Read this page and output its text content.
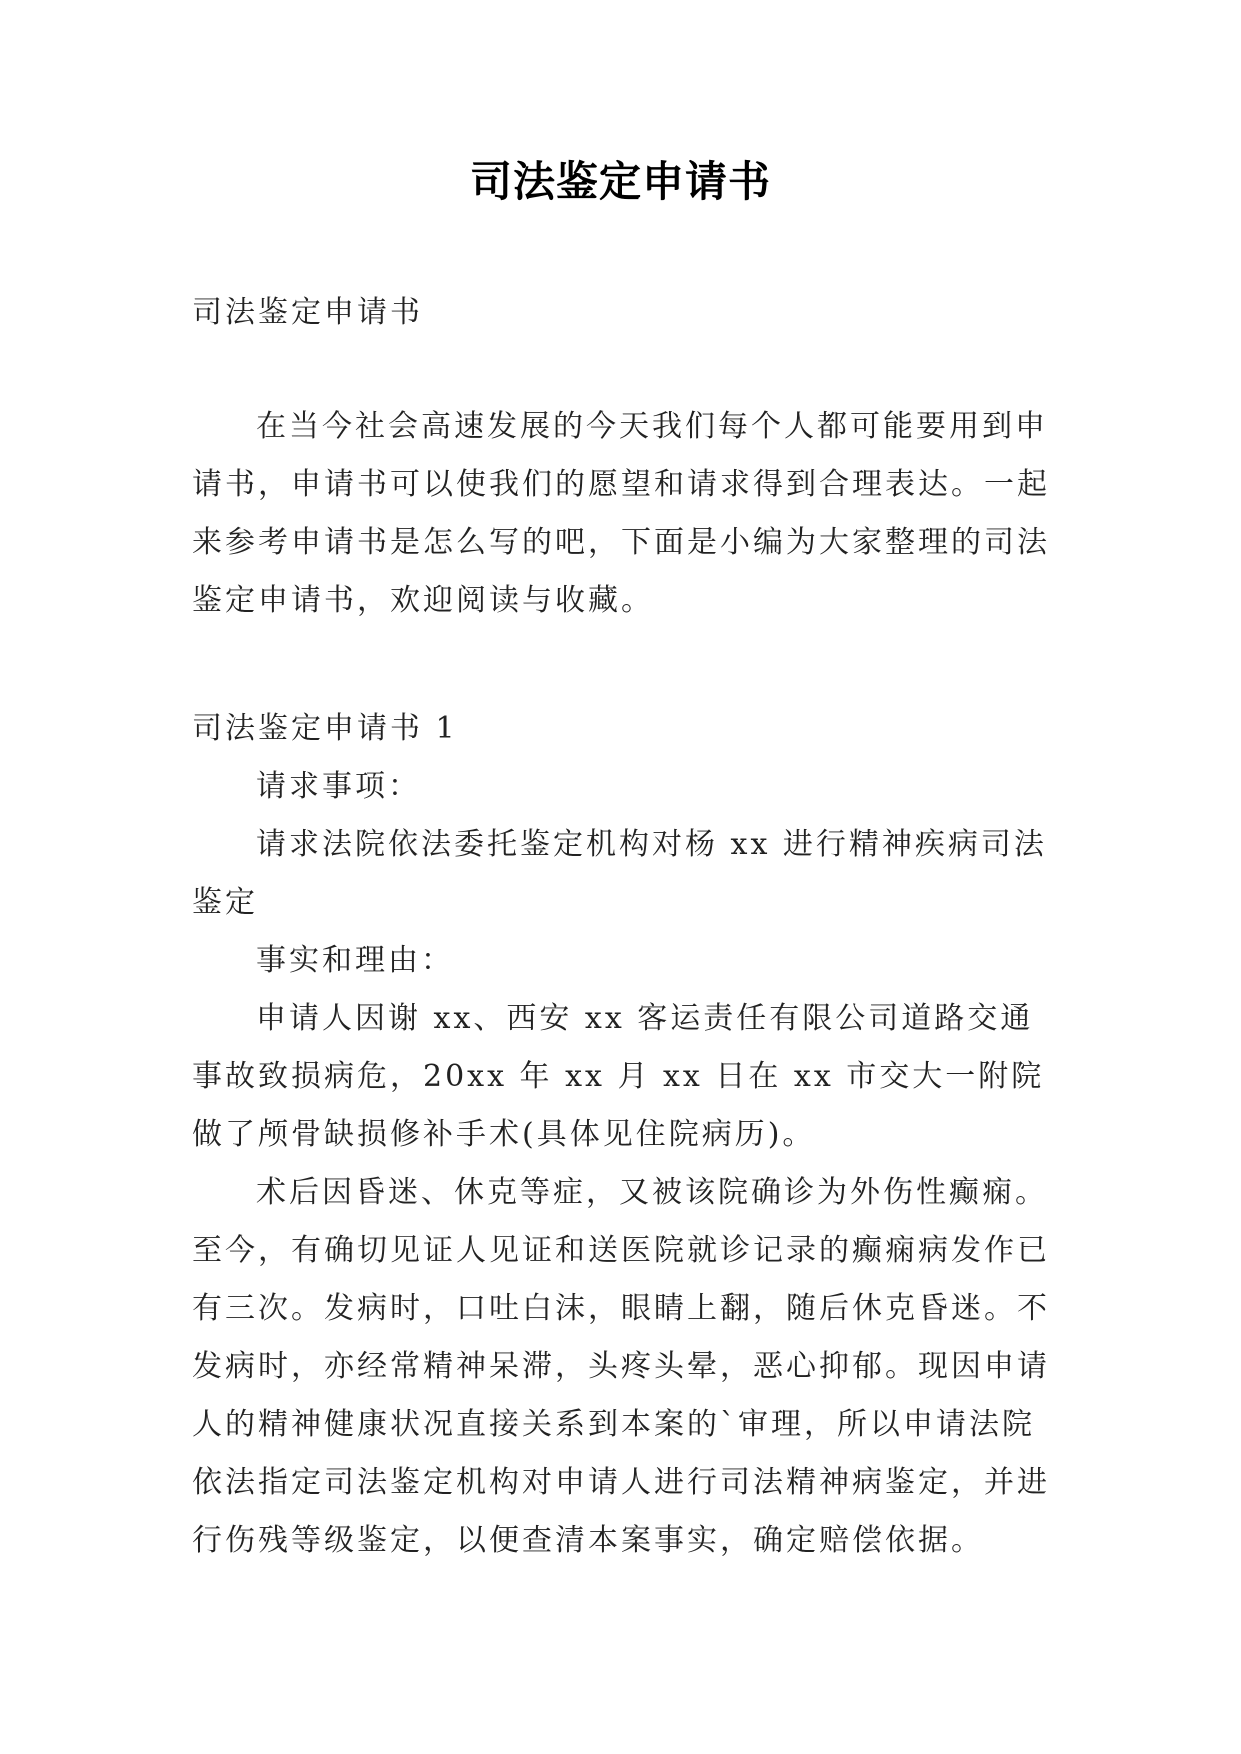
司法鉴定申请书

司法鉴定申请书

在当今社会高速发展的今天我们每个人都可能要用到申请书，申请书可以使我们的愿望和请求得到合理表达。一起来参考申请书是怎么写的吧，下面是小编为大家整理的司法鉴定申请书，欢迎阅读与收藏。

司法鉴定申请书 1

请求事项：

请求法院依法委托鉴定机构对杨 xx 进行精神疾病司法鉴定

事实和理由：

申请人因谢 xx、西安 xx 客运责任有限公司道路交通事故致损病危，20xx 年 xx 月 xx 日在 xx 市交大一附院做了颅骨缺损修补手术(具体见住院病历)。

术后因昏迷、休克等症，又被该院确诊为外伤性癫痫。至今，有确切见证人见证和送医院就诊记录的癫痫病发作已有三次。发病时，口吐白沫，眼睛上翻，随后休克昏迷。不发病时，亦经常精神呆滞，头疼头晕，恶心抑郁。现因申请人的精神健康状况直接关系到本案的`审理，所以申请法院依法指定司法鉴定机构对申请人进行司法精神病鉴定，并进行伤残等级鉴定，以便查清本案事实，确定赔偿依据。
